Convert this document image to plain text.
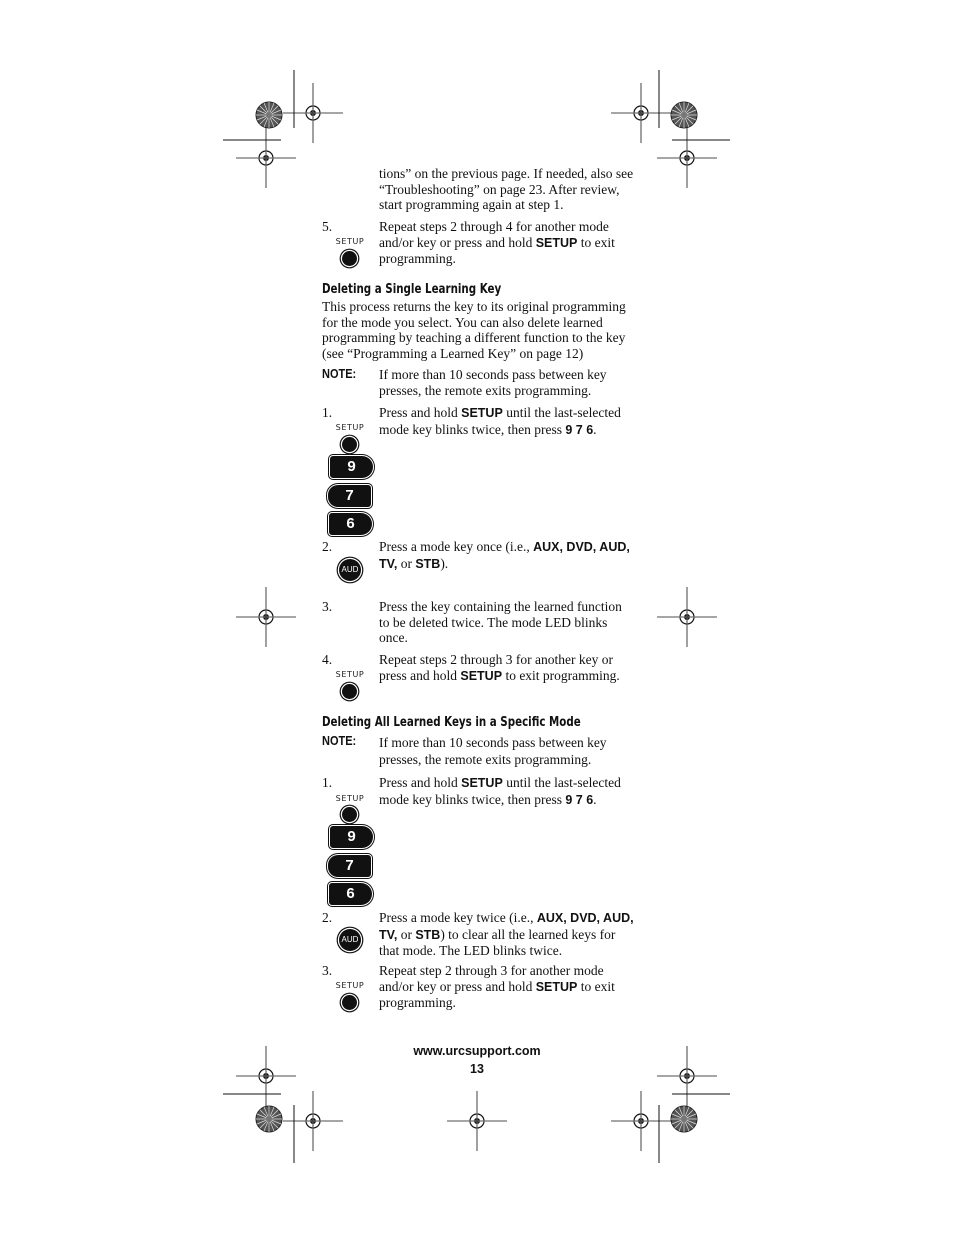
tions” on the previous page. If needed, also see “Troubleshooting” on page 23. After review, start programming again at step 1.
5.
SETUP
Repeat steps 2 through 4 for another mode and/or key or press and hold SETUP to exit programming.
Deleting a Single Learning Key
This process returns the key to its original programming for the mode you select. You can also delete learned programming by teaching a different function to the key (see “Programming a Learned Key” on page 12)
NOTE: If more than 10 seconds pass between key presses, the remote exits programming.
1.	Press and hold SETUP until the last-selected mode key blinks twice, then press 9 7 6.
SETUP
9
7
6
2.	Press a mode key once (i.e., AUX, DVD, AUD, TV, or STB).
AUD
3.	Press the key containing the learned function to be deleted twice. The mode LED blinks once.
4.	Repeat steps 2 through 3 for another key or press and hold SETUP to exit programming.
SETUP
Deleting All Learned Keys in a Specific Mode
NOTE: If more than 10 seconds pass between key presses, the remote exits programming.
1.	Press and hold SETUP until the last-selected mode key blinks twice, then press 9 7 6.
SETUP
9
7
6
2.	Press a mode key twice (i.e., AUX, DVD, AUD, TV, or STB) to clear all the learned keys for that mode. The LED blinks twice.
AUD
3.	Repeat step 2 through 3 for another mode and/or key or press and hold SETUP to exit programming.
SETUP
www.urcsupport.com
13
